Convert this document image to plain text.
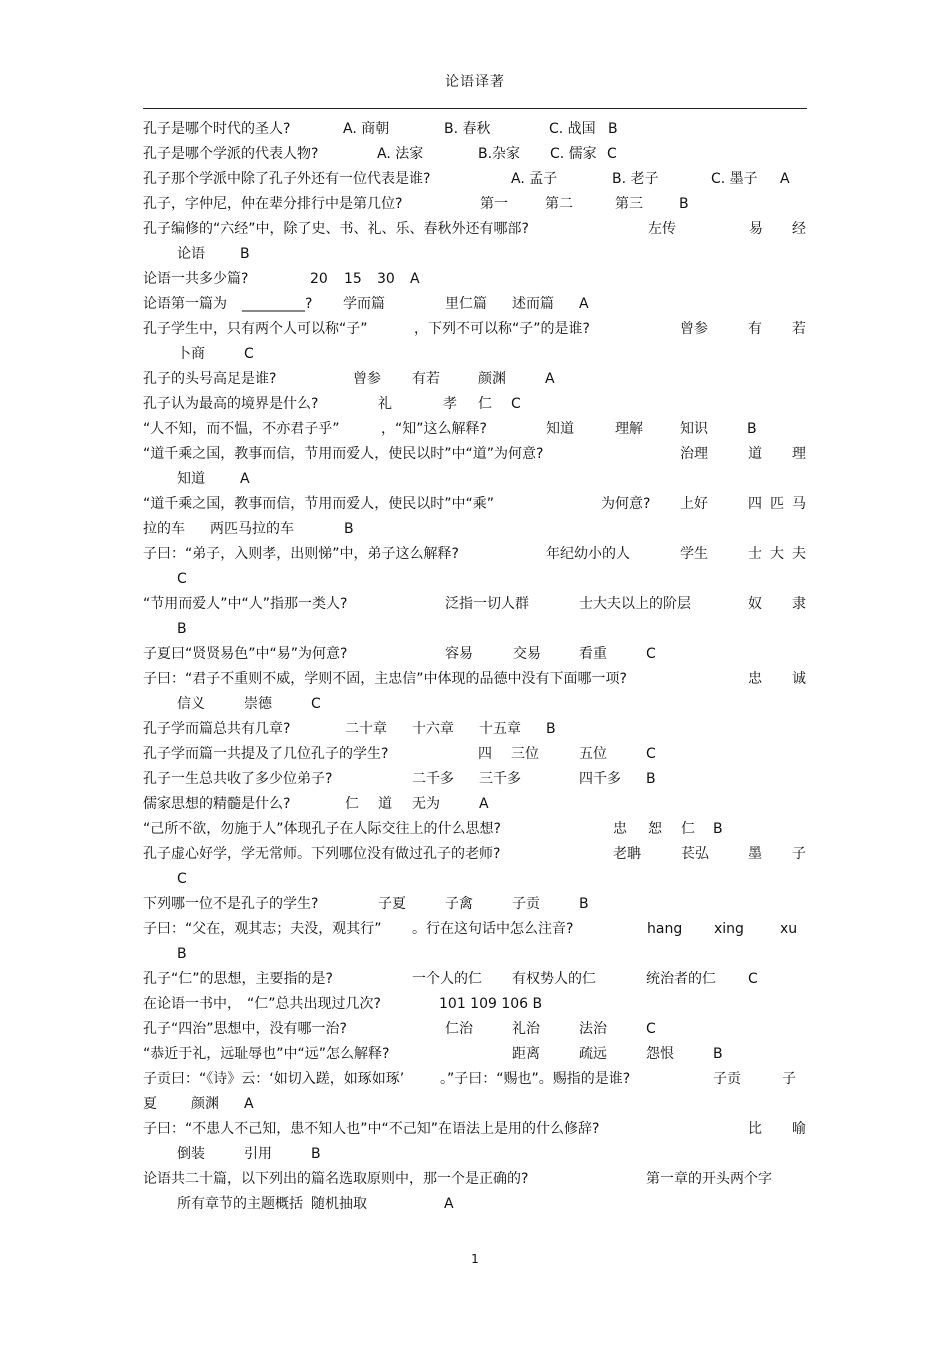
论语译著
孔子是哪个时代的圣人?	A. 商朝	B. 春秋	C. 战国 B
孔子是哪个学派的代表人物?	A. 法家	B.杂家 C. 儒家 C
孔子那个学派中除了孔子外还有一位代表是谁?	A. 孟子	B. 老子	C. 墨子 A
孔子，字仲尼，仲在辈分排行中是第几位?	第一	第二	第三	B
孔子编修的“六经”中，除了史、书、礼、乐、春秋外还有哪部?	左传	易 经
论语	B
论语一共多少篇?	20 15 30 A
论语第一篇为 _________? 学而篇	里仁篇 述而篇 A
孔子学生中，只有两个人可以称“子”	，下列不可以称“子”的是谁?	曾参	有 若
卜商	C
孔子的头号高足是谁?	曾参 有若	颜渊	A
孔子认为最高的境界是什么?	礼	孝 仁 C
“人不知，而不愠，不亦君子乎”	，“知”这么解释?	知道	理解	知识	B
“道千乘之国，教事而信，节用而爱人，使民以时”中“道”为何意?	治理	道 理
知道	A
“道千乘之国，教事而信，节用而爱人，使民以时”中“乘”	为何意? 上好	四 匹 马
拉的车 两匹马拉的车	B
子曰：“弟子，入则孝，出则悌”中，弟子这么解释?	年纪幼小的人	学生	士 大 夫
C
“节用而爱人”中“人”指那一类人?	泛指一切人群	士大夫以上的阶层	奴 隶
B
子夏曰“贤贤易色”中“易”为何意?	容易	交易	看重	C
子曰：“君子不重则不威，学则不固，主忠信”中体现的品德中没有下面哪一项?	忠 诚
信义	崇德	C
孔子学而篇总共有几章?	二十章 十六章 十五章 B
孔子学而篇一共提及了几位孔子的学生?	四 三位	五位	C
孔子一生总共收了多少位弟子?	二千多 三千多	四千多 B
儒家思想的精髓是什么?	仁 道 无为	A
“己所不欲，勿施于人”体现孔子在人际交往上的什么思想?	忠 恕 仁 B
孔子虚心好学，学无常师。下列哪位没有做过孔子的老师?	老聃	苌弘	墨 子
C
下列哪一位不是孔子的学生?	子夏	子禽	子贡	B
子曰：“父在，观其志；夫没，观其行” 。行在这句话中怎么注音?	hang xing	xu
B
孔子“仁”的思想，主要指的是?	一个人的仁 有权势人的仁	统治者的仁 C
在论语一书中， “仁”总共出现过几次?	101 109 106 B
孔子“四治”思想中，没有哪一治?	仁治	礼治	法治	C
“恭近于礼，远耻辱也”中“远”怎么解释?	距离	疏远	怨恨	B
子贡曰：“《诗》云：‘如切入蹉，如琢如琢’	。”子曰：“赐也”。赐指的是谁?	子贡	子
夏 颜渊 A
子曰：“不患人不己知，患不知人也”中“不己知”在语法上是用的什么修辞?	比 喻
倒装	引用	B
论语共二十篇，以下列出的篇名选取原则中，那一个是正确的?	第一章的开头两个字
所有章节的主题概括 随机抽取	A
1
